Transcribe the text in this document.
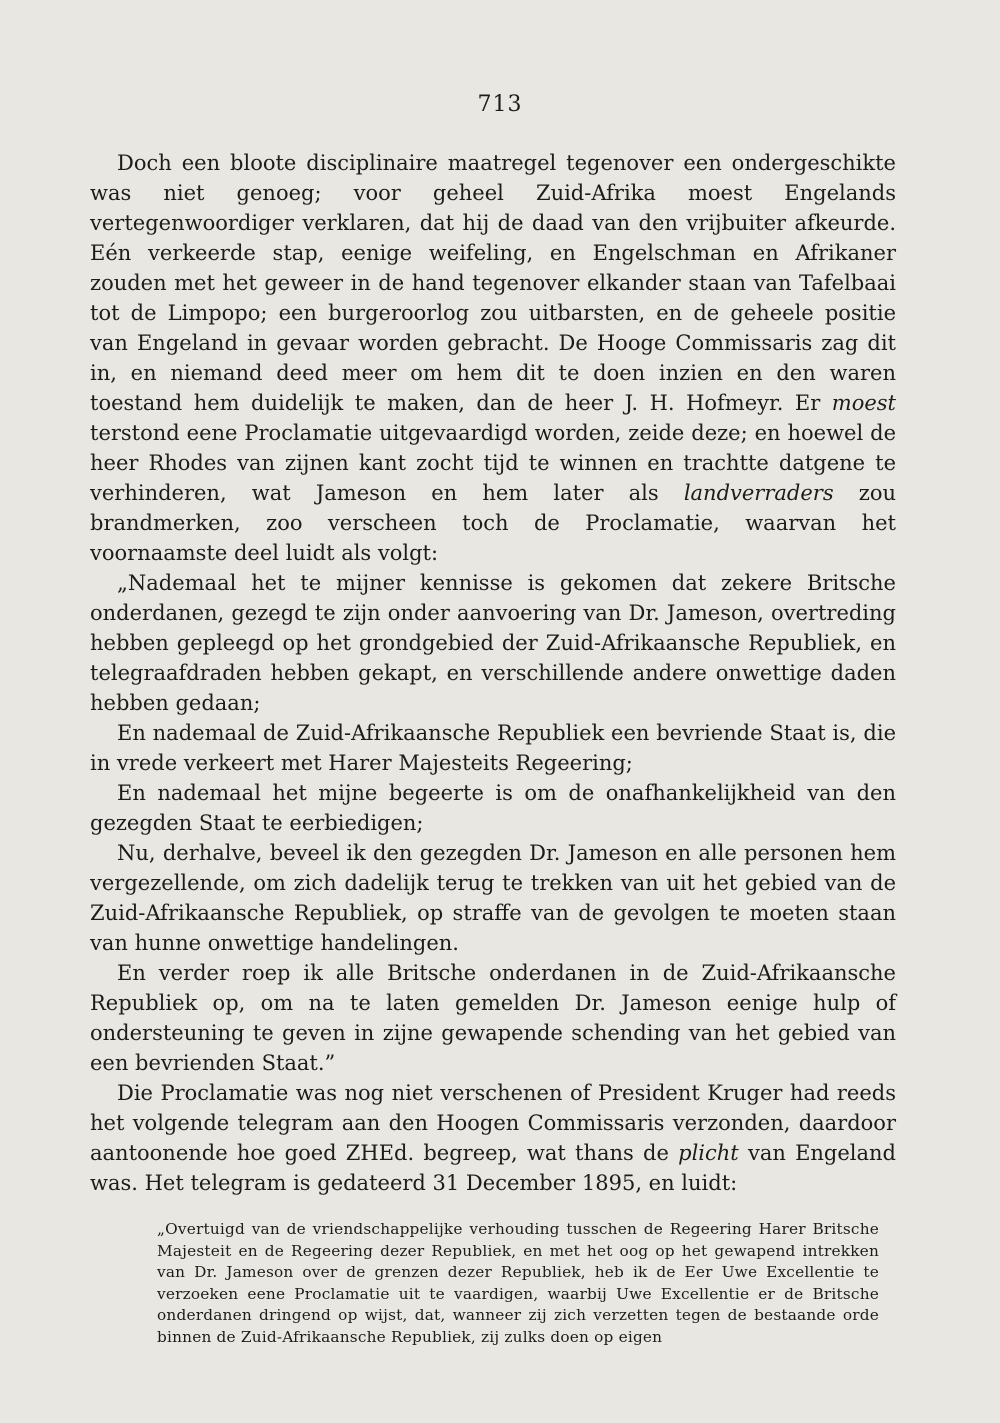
713

Doch een bloote disciplinaire maatregel tegenover een ondergeschikte was niet genoeg; voor geheel Zuid-Afrika moest Engelands vertegenwoordiger verklaren, dat hij de daad van den vrijbuiter afkeurde. Eén verkeerde stap, eenige weifeling, en Engelschman en Afrikaner zouden met het geweer in de hand tegenover elkander staan van Tafelbaai tot de Limpopo; een burgeroorlog zou uitbarsten, en de geheele positie van Engeland in gevaar worden gebracht. De Hooge Commissaris zag dit in, en niemand deed meer om hem dit te doen inzien en den waren toestand hem duidelijk te maken, dan de heer J. H. Hofmeyr. Er moest terstond eene Proclamatie uitgevaardigd worden, zeide deze; en hoewel de heer Rhodes van zijnen kant zocht tijd te winnen en trachtte datgene te verhinderen, wat Jameson en hem later als landverraders zou brandmerken, zoo verscheen toch de Proclamatie, waarvan het voornaamste deel luidt als volgt:

„Nademaal het te mijner kennisse is gekomen dat zekere Britsche onderdanen, gezegd te zijn onder aanvoering van Dr. Jameson, overtreding hebben gepleegd op het grondgebied der Zuid-Afrikaansche Republiek, en telegraafdraden hebben gekapt, en verschillende andere onwettige daden hebben gedaan;

En nademaal de Zuid-Afrikaansche Republiek een bevriende Staat is, die in vrede verkeert met Harer Majesteits Regeering;

En nademaal het mijne begeerte is om de onafhankelijkheid van den gezegden Staat te eerbiedigen;

Nu, derhalve, beveel ik den gezegden Dr. Jameson en alle personen hem vergezellende, om zich dadelijk terug te trekken van uit het gebied van de Zuid-Afrikaansche Republiek, op straffe van de gevolgen te moeten staan van hunne onwettige handelingen.

En verder roep ik alle Britsche onderdanen in de Zuid-Afrikaansche Republiek op, om na te laten gemelden Dr. Jameson eenige hulp of ondersteuning te geven in zijne gewapende schending van het gebied van een bevrienden Staat.”

Die Proclamatie was nog niet verschenen of President Kruger had reeds het volgende telegram aan den Hoogen Commissaris verzonden, daardoor aantoonende hoe goed ZHEd. begreep, wat thans de plicht van Engeland was. Het telegram is gedateerd 31 December 1895, en luidt:

„Overtuigd van de vriendschappelijke verhouding tusschen de Regeering Harer Britsche Majesteit en de Regeering dezer Republiek, en met het oog op het gewapend intrekken van Dr. Jameson over de grenzen dezer Republiek, heb ik de Eer Uwe Excellentie te verzoeken eene Proclamatie uit te vaardigen, waarbij Uwe Excellentie er de Britsche onderdanen dringend op wijst, dat, wanneer zij zich verzetten tegen de bestaande orde binnen de Zuid-Afrikaansche Republiek, zij zulks doen op eigen
